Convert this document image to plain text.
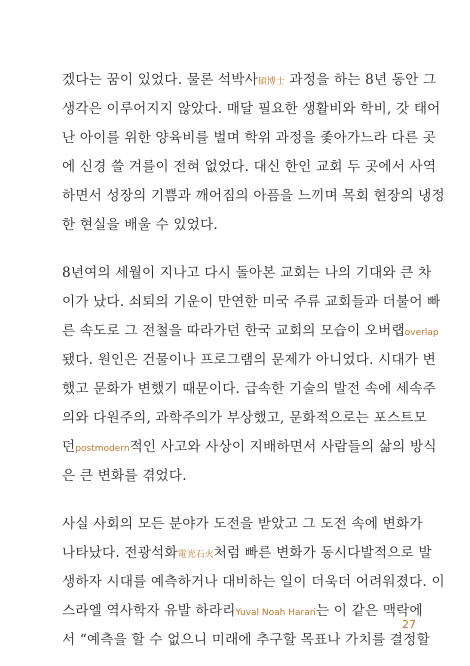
겠다는 꿈이 있었다. 물론 석박사碩博士 과정을 하는 8년 동안 그
생각은 이루어지지 않았다. 매달 필요한 생활비와 학비, 갓 태어
난 아이를 위한 양육비를 벌며 학위 과정을 좇아가느라 다른 곳
에 신경 쓸 겨를이 전혀 없었다. 대신 한인 교회 두 곳에서 사역
하면서 성장의 기쁨과 깨어짐의 아픔을 느끼며 목회 현장의 냉정
한 현실을 배울 수 있었다.
8년여의 세월이 지나고 다시 돌아본 교회는 나의 기대와 큰 차
이가 났다. 쇠퇴의 기운이 만연한 미국 주류 교회들과 더불어 빠
른 속도로 그 전철을 따라가던 한국 교회의 모습이 오버랩overlap
됐다. 원인은 건물이나 프로그램의 문제가 아니었다. 시대가 변
했고 문화가 변했기 때문이다. 급속한 기술의 발전 속에 세속주
의와 다원주의, 과학주의가 부상했고, 문화적으로는 포스트모
던postmodern적인 사고와 사상이 지배하면서 사람들의 삶의 방식
은 큰 변화를 겪었다.
사실 사회의 모든 분야가 도전을 받았고 그 도전 속에 변화가
나타났다. 전광석화電光石火처럼 빠른 변화가 동시다발적으로 발
생하자 시대를 예측하거나 대비하는 일이 더욱더 어려워졌다. 이
스라엘 역사학자 유발 하라리Yuval Noah Harari는 이 같은 맥락에
서 “예측을 할 수 없으니 미래에 추구할 목표나 가치를 결정할
27
